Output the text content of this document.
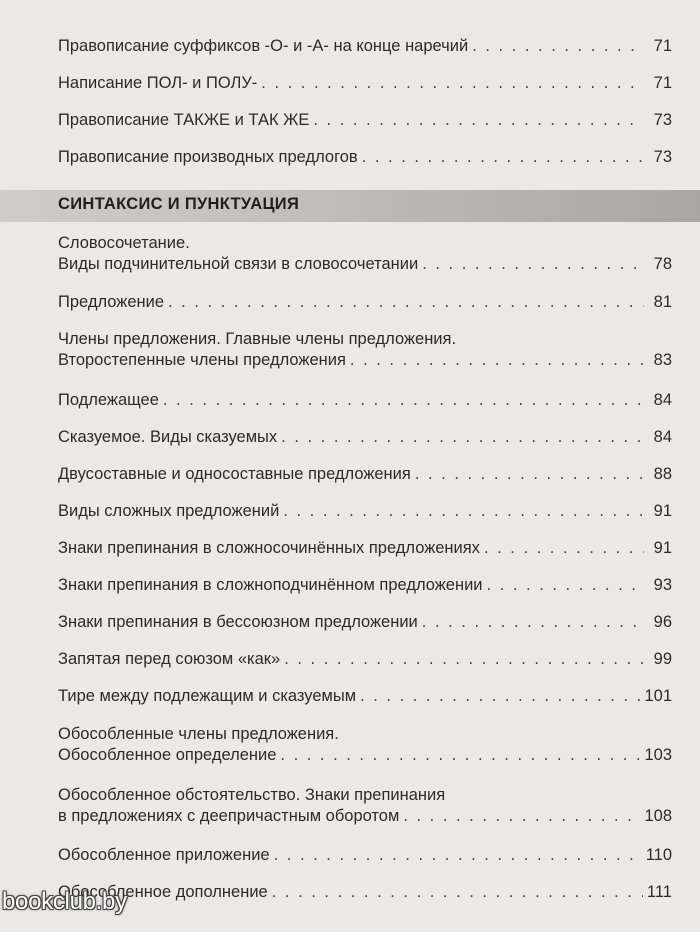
Правописание суффиксов -О- и -А- на конце наречий . . .	71
Написание ПОЛ- и ПОЛУ- . . .	71
Правописание ТАКЖЕ и ТАК ЖЕ . . .	73
Правописание производных предлогов . . .	73
СИНТАКСИС И ПУНКТУАЦИЯ
Словосочетание.
Виды подчинительной связи в словосочетании . . .	78
Предложение . . .	81
Члены предложения. Главные члены предложения.
Второстепенные члены предложения . . .	83
Подлежащее . . .	84
Сказуемое. Виды сказуемых . . .	84
Двусоставные и односоставные предложения . . .	88
Виды сложных предложений . . .	91
Знаки препинания в сложносочинённых предложениях . . .	91
Знаки препинания в сложноподчинённом предложении . . .	93
Знаки препинания в бессоюзном предложении . . .	96
Запятая перед союзом «как» . . .	99
Тире между подлежащим и сказуемым . . .	101
Обособленные члены предложения.
Обособленное определение . . .	103
Обособленное обстоятельство. Знаки препинания
в предложениях с деепричастным оборотом . . .	108
Обособленное приложение . . .	110
Обособленное дополнение . . .	111
bookclub.by
